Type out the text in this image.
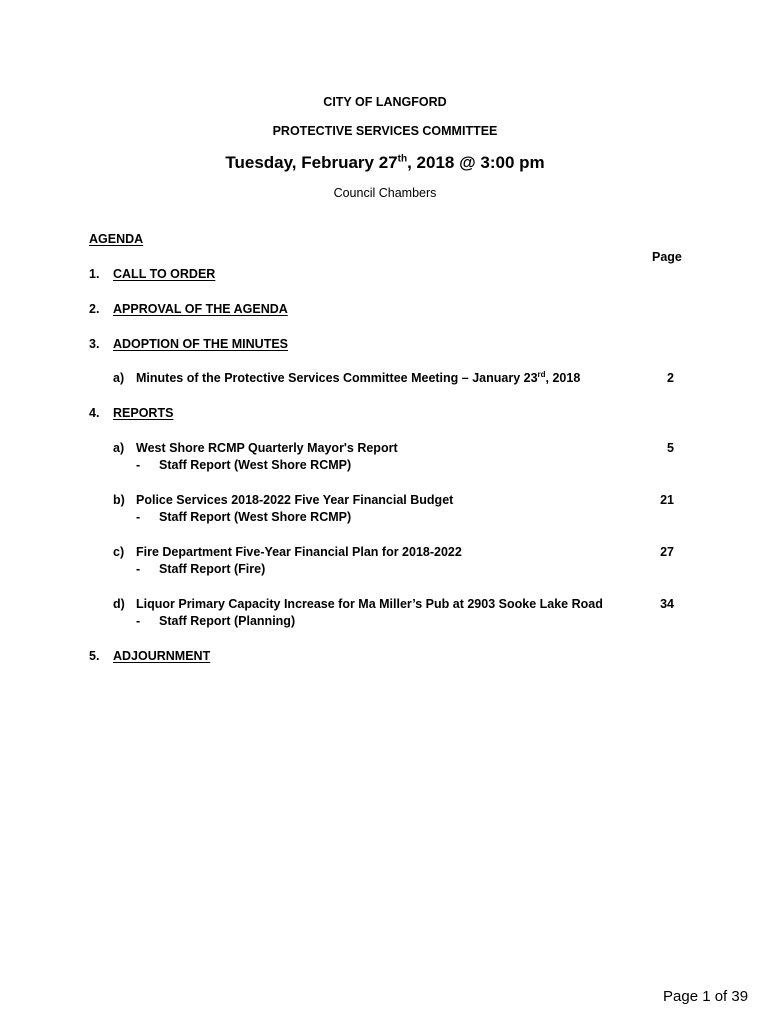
CITY OF LANGFORD
PROTECTIVE SERVICES COMMITTEE
Tuesday, February 27th, 2018 @ 3:00 pm
Council Chambers
AGENDA
Page
1. CALL TO ORDER
2. APPROVAL OF THE AGENDA
3. ADOPTION OF THE MINUTES
a) Minutes of the Protective Services Committee Meeting – January 23rd, 2018	2
4. REPORTS
a) West Shore RCMP Quarterly Mayor's Report	5
- Staff Report (West Shore RCMP)
b) Police Services 2018-2022 Five Year Financial Budget	21
- Staff Report (West Shore RCMP)
c) Fire Department Five-Year Financial Plan for 2018-2022	27
- Staff Report (Fire)
d) Liquor Primary Capacity Increase for Ma Miller’s Pub at 2903 Sooke Lake Road	34
- Staff Report (Planning)
5. ADJOURNMENT
Page 1 of 39
